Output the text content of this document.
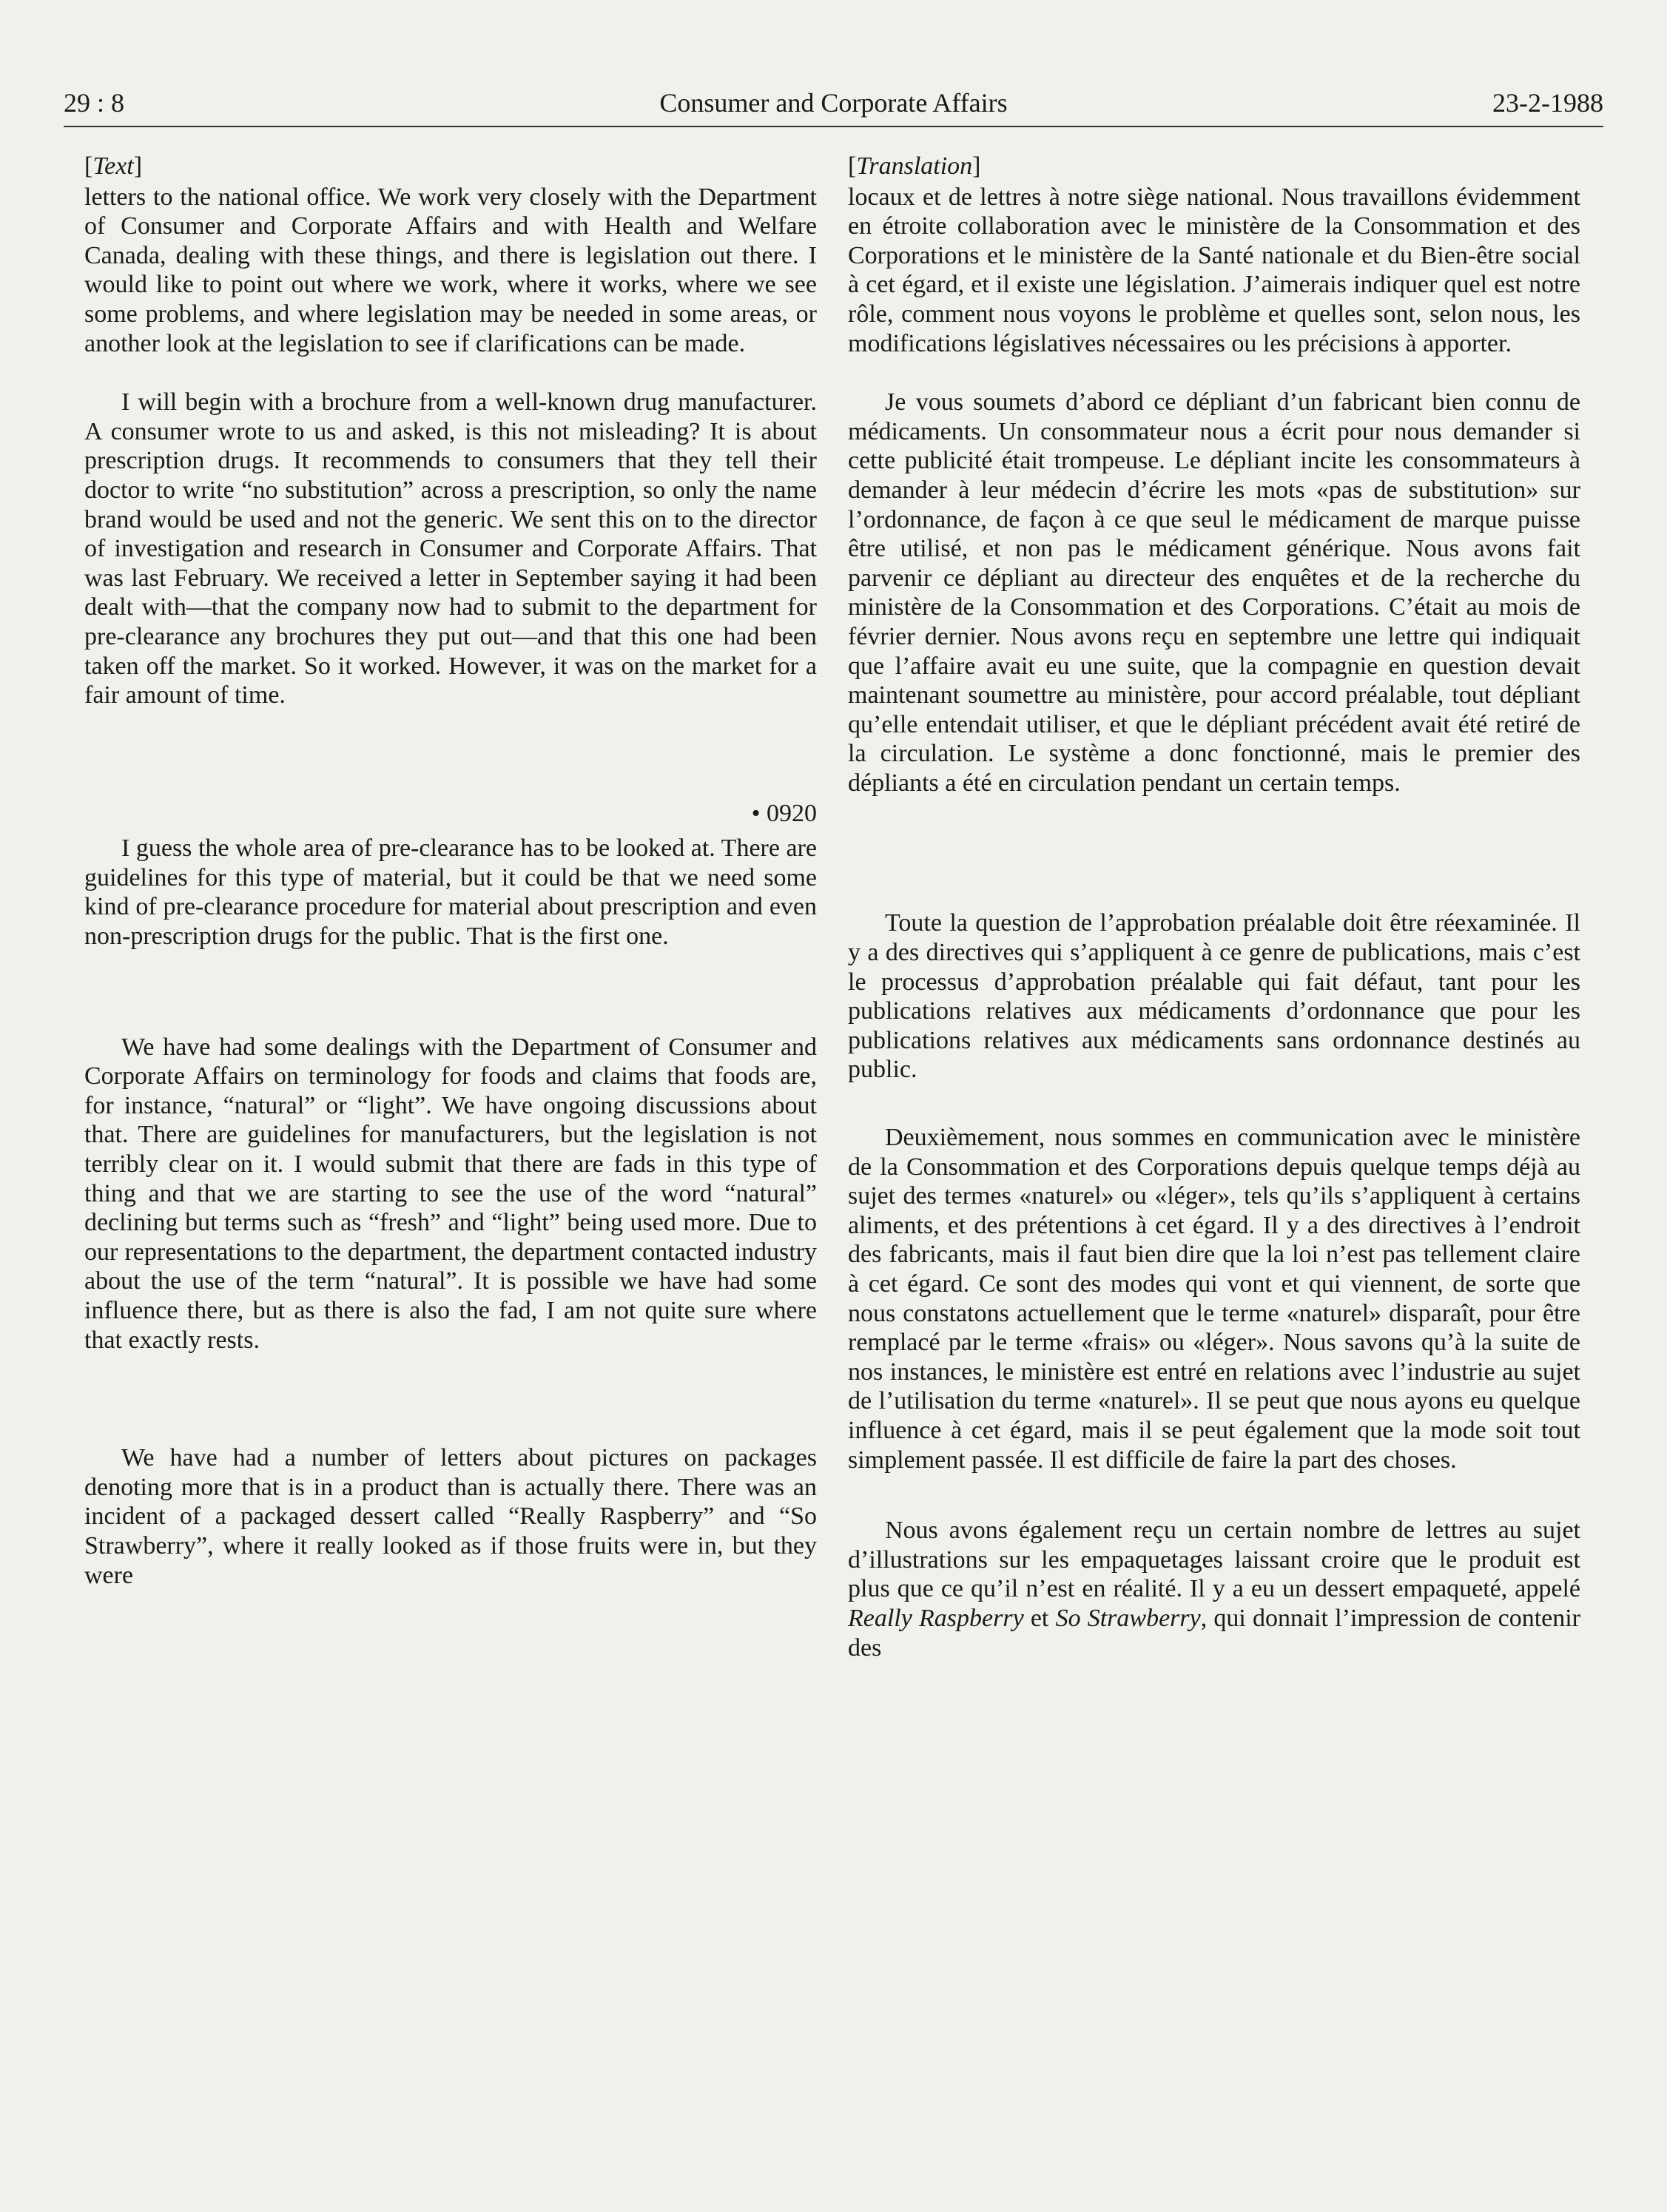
29 : 8	Consumer and Corporate Affairs	23-2-1988
[Text]

letters to the national office. We work very closely with the Department of Consumer and Corporate Affairs and with Health and Welfare Canada, dealing with these things, and there is legislation out there. I would like to point out where we work, where it works, where we see some problems, and where legislation may be needed in some areas, or another look at the legislation to see if clarifications can be made.

I will begin with a brochure from a well-known drug manufacturer. A consumer wrote to us and asked, is this not misleading? It is about prescription drugs. It recommends to consumers that they tell their doctor to write “no substitution” across a prescription, so only the name brand would be used and not the generic. We sent this on to the director of investigation and research in Consumer and Corporate Affairs. That was last February. We received a letter in September saying it had been dealt with—that the company now had to submit to the department for pre-clearance any brochures they put out—and that this one had been taken off the market. So it worked. However, it was on the market for a fair amount of time.

• 0920

I guess the whole area of pre-clearance has to be looked at. There are guidelines for this type of material, but it could be that we need some kind of pre-clearance procedure for material about prescription and even non-prescription drugs for the public. That is the first one.

We have had some dealings with the Department of Consumer and Corporate Affairs on terminology for foods and claims that foods are, for instance, “natural” or “light”. We have ongoing discussions about that. There are guidelines for manufacturers, but the legislation is not terribly clear on it. I would submit that there are fads in this type of thing and that we are starting to see the use of the word “natural” declining but terms such as “fresh” and “light” being used more. Due to our representations to the department, the department contacted industry about the use of the term “natural”. It is possible we have had some influence there, but as there is also the fad, I am not quite sure where that exactly rests.

We have had a number of letters about pictures on packages denoting more that is in a product than is actually there. There was an incident of a packaged dessert called “Really Raspberry” and “So Strawberry”, where it really looked as if those fruits were in, but they were

[Translation]

locaux et de lettres à notre siège national. Nous travaillons évidemment en étroite collaboration avec le ministère de la Consommation et des Corporations et le ministère de la Santé nationale et du Bien-être social à cet égard, et il existe une législation. J’aimerais indiquer quel est notre rôle, comment nous voyons le problème et quelles sont, selon nous, les modifications législatives nécessaires ou les précisions à apporter.

Je vous soumets d’abord ce dépliant d’un fabricant bien connu de médicaments. Un consommateur nous a écrit pour nous demander si cette publicité était trompeuse. Le dépliant incite les consommateurs à demander à leur médecin d’écrire les mots «pas de substitution» sur l’ordonnance, de façon à ce que seul le médicament de marque puisse être utilisé, et non pas le médicament générique. Nous avons fait parvenir ce dépliant au directeur des enquêtes et de la recherche du ministère de la Consommation et des Corporations. C’était au mois de février dernier. Nous avons reçu en septembre une lettre qui indiquait que l’affaire avait eu une suite, que la compagnie en question devait maintenant soumettre au ministère, pour accord préalable, tout dépliant qu’elle entendait utiliser, et que le dépliant précédent avait été retiré de la circulation. Le système a donc fonctionné, mais le premier des dépliants a été en circulation pendant un certain temps.

Toute la question de l’approbation préalable doit être réexaminée. Il y a des directives qui s’appliquent à ce genre de publications, mais c’est le processus d’approbation préalable qui fait défaut, tant pour les publications relatives aux médicaments d’ordonnance que pour les publications relatives aux médicaments sans ordonnance destinés au public.

Deuxièmement, nous sommes en communication avec le ministère de la Consommation et des Corporations depuis quelque temps déjà au sujet des termes «naturel» ou «léger», tels qu’ils s’appliquent à certains aliments, et des prétentions à cet égard. Il y a des directives à l’endroit des fabricants, mais il faut bien dire que la loi n’est pas tellement claire à cet égard. Ce sont des modes qui vont et qui viennent, de sorte que nous constatons actuellement que le terme «naturel» disparaît, pour être remplacé par le terme «frais» ou «léger». Nous savons qu’à la suite de nos instances, le ministère est entré en relations avec l’industrie au sujet de l’utilisation du terme «naturel». Il se peut que nous ayons eu quelque influence à cet égard, mais il se peut également que la mode soit tout simplement passée. Il est difficile de faire la part des choses.

Nous avons également reçu un certain nombre de lettres au sujet d’illustrations sur les empaquetages laissant croire que le produit est plus que ce qu’il n’est en réalité. Il y a eu un dessert empaqueté, appelé Really Raspberry et So Strawberry, qui donnait l’impression de contenir des
